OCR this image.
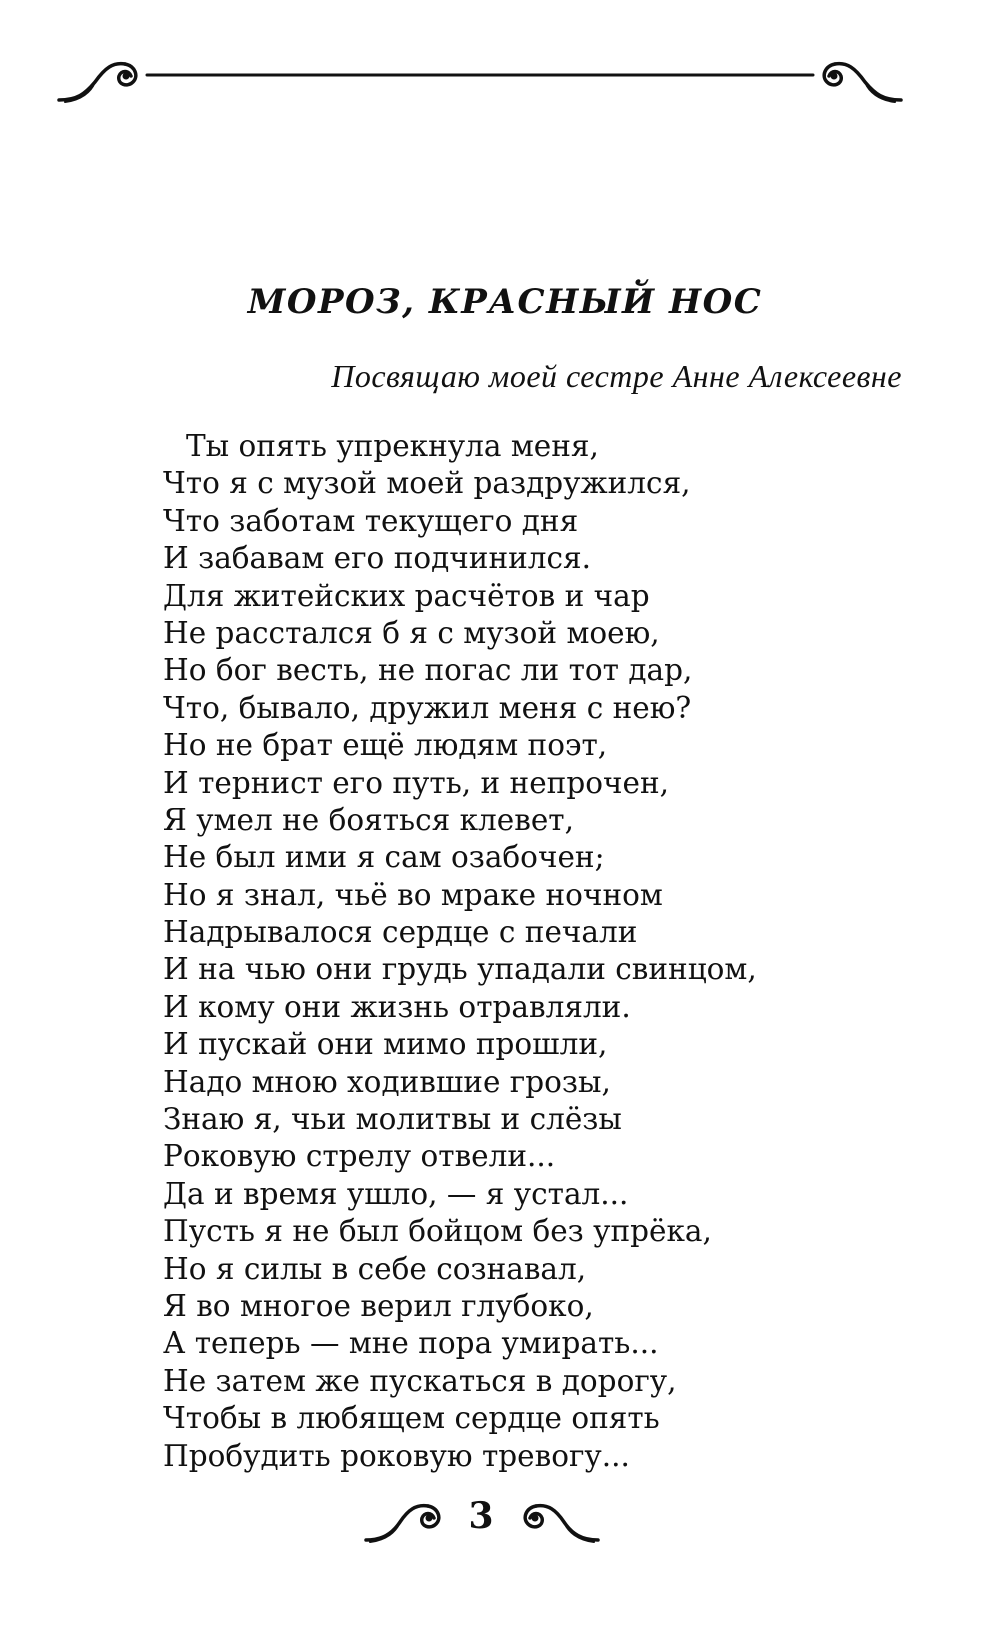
МОРОЗ, КРАСНЫЙ НОС

Посвящаю моей сестре Анне Алексеевне

Ты опять упрекнула меня,
Что я с музой моей раздружился,
Что заботам текущего дня
И забавам его подчинился.
Для житейских расчётов и чар
Не расстался б я с музой моею,
Но бог весть, не погас ли тот дар,
Что, бывало, дружил меня с нею?
Но не брат ещё людям поэт,
И тернист его путь, и непрочен,
Я умел не бояться клевет,
Не был ими я сам озабочен;
Но я знал, чьё во мраке ночном
Надрывалося сердце с печали
И на чью они грудь упадали свинцом,
И кому они жизнь отравляли.
И пускай они мимо прошли,
Надо мною ходившие грозы,
Знаю я, чьи молитвы и слёзы
Роковую стрелу отвели...
Да и время ушло, — я устал...
Пусть я не был бойцом без упрёка,
Но я силы в себе сознавал,
Я во многое верил глубоко,
А теперь — мне пора умирать...
Не затем же пускаться в дорогу,
Чтобы в любящем сердце опять
Пробудить роковую тревогу...
3
